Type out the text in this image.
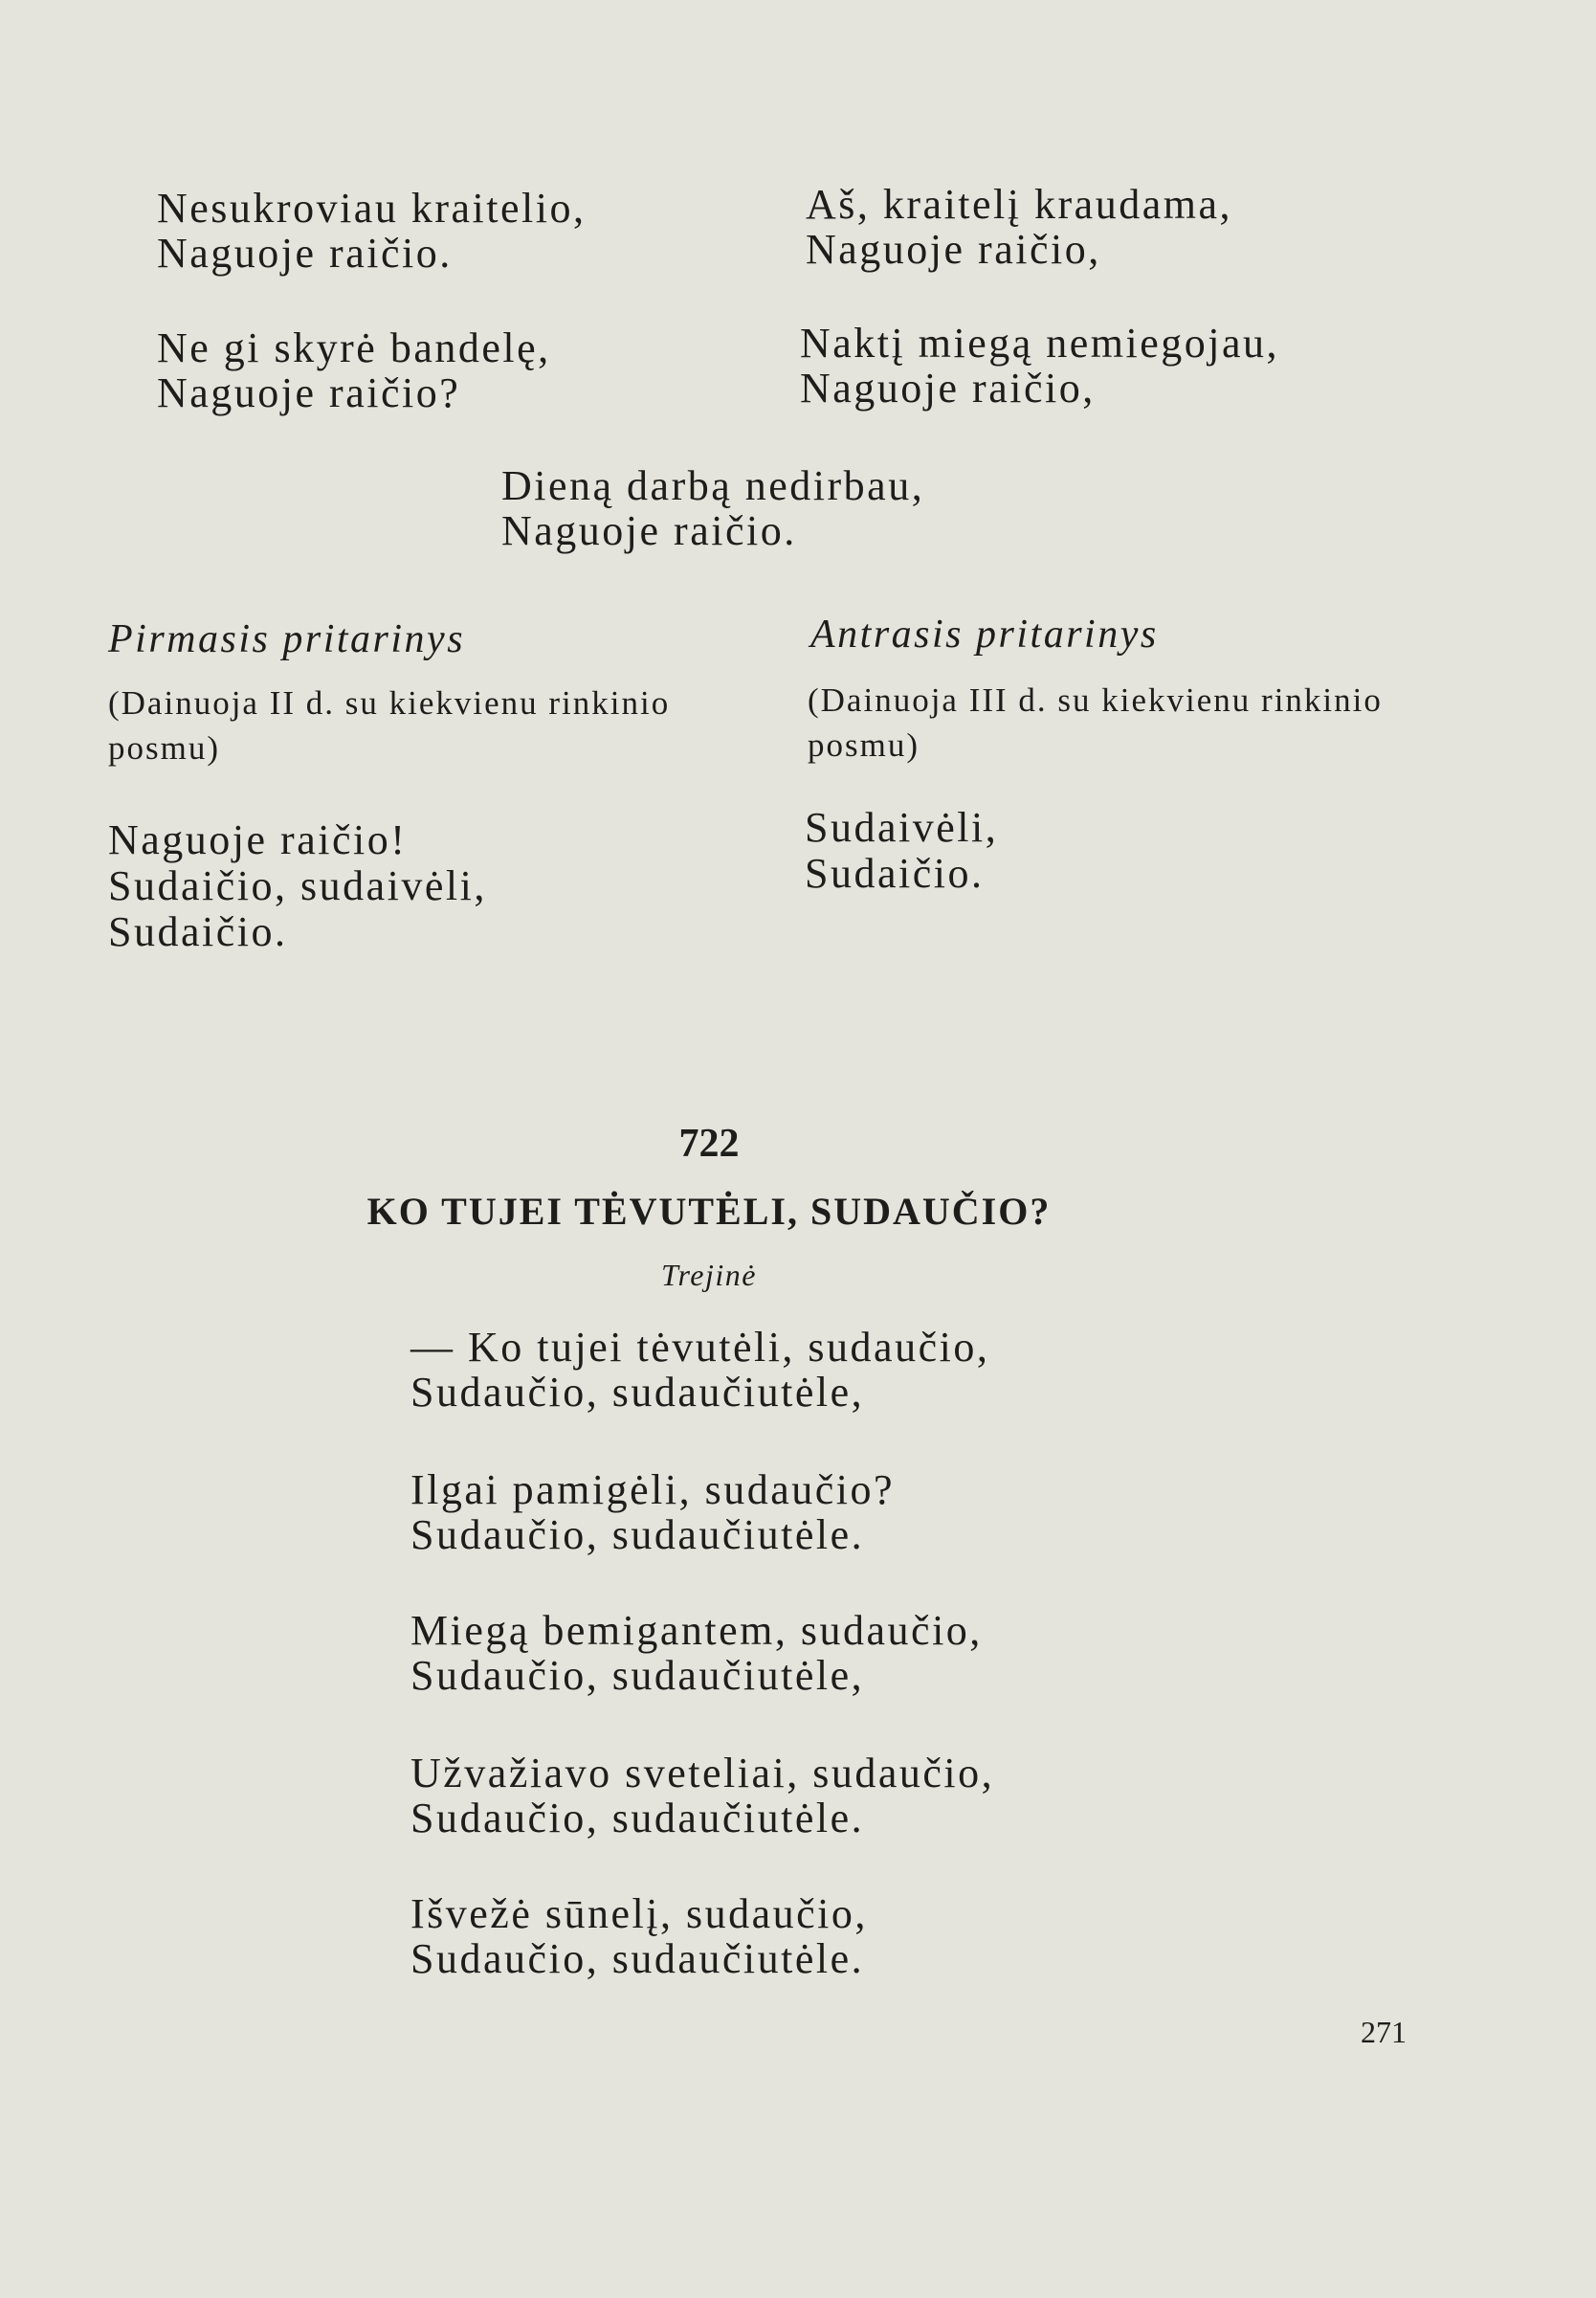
Nesukroviau kraitelio,
Naguoje raičio.
Ne gi skyrė bandelę,
Naguoje raičio?
Aš, kraitelį kraudama,
Naguoje raičio,
Naktį miegą nemiegojau,
Naguoje raičio,
Dieną darbą nedirbau,
Naguoje raičio.
Pirmasis pritarinys
(Dainuoja II d. su kiekvienu rinkinio
posmu)
Naguoje raičio!
Sudaičio, sudaivėli,
Sudaičio.
Antrasis pritarinys
(Dainuoja III d. su kiekvienu rinkinio
posmu)
Sudaivėli,
Sudaičio.
722
KO TUJEI TĖVUTĖLI, SUDAUČIO?
Trejinė
— Ko tujei tėvutėli, sudaučio,
Sudaučio, sudaučiutėle,
Ilgai pamigėli, sudaučio?
Sudaučio, sudaučiutėle.
Miegą bemigantem, sudaučio,
Sudaučio, sudaučiutėle,
Užvažiavo sveteliai, sudaučio,
Sudaučio, sudaučiutėle.
Išvežė sūnelį, sudaučio,
Sudaučio, sudaučiutėle.
271
